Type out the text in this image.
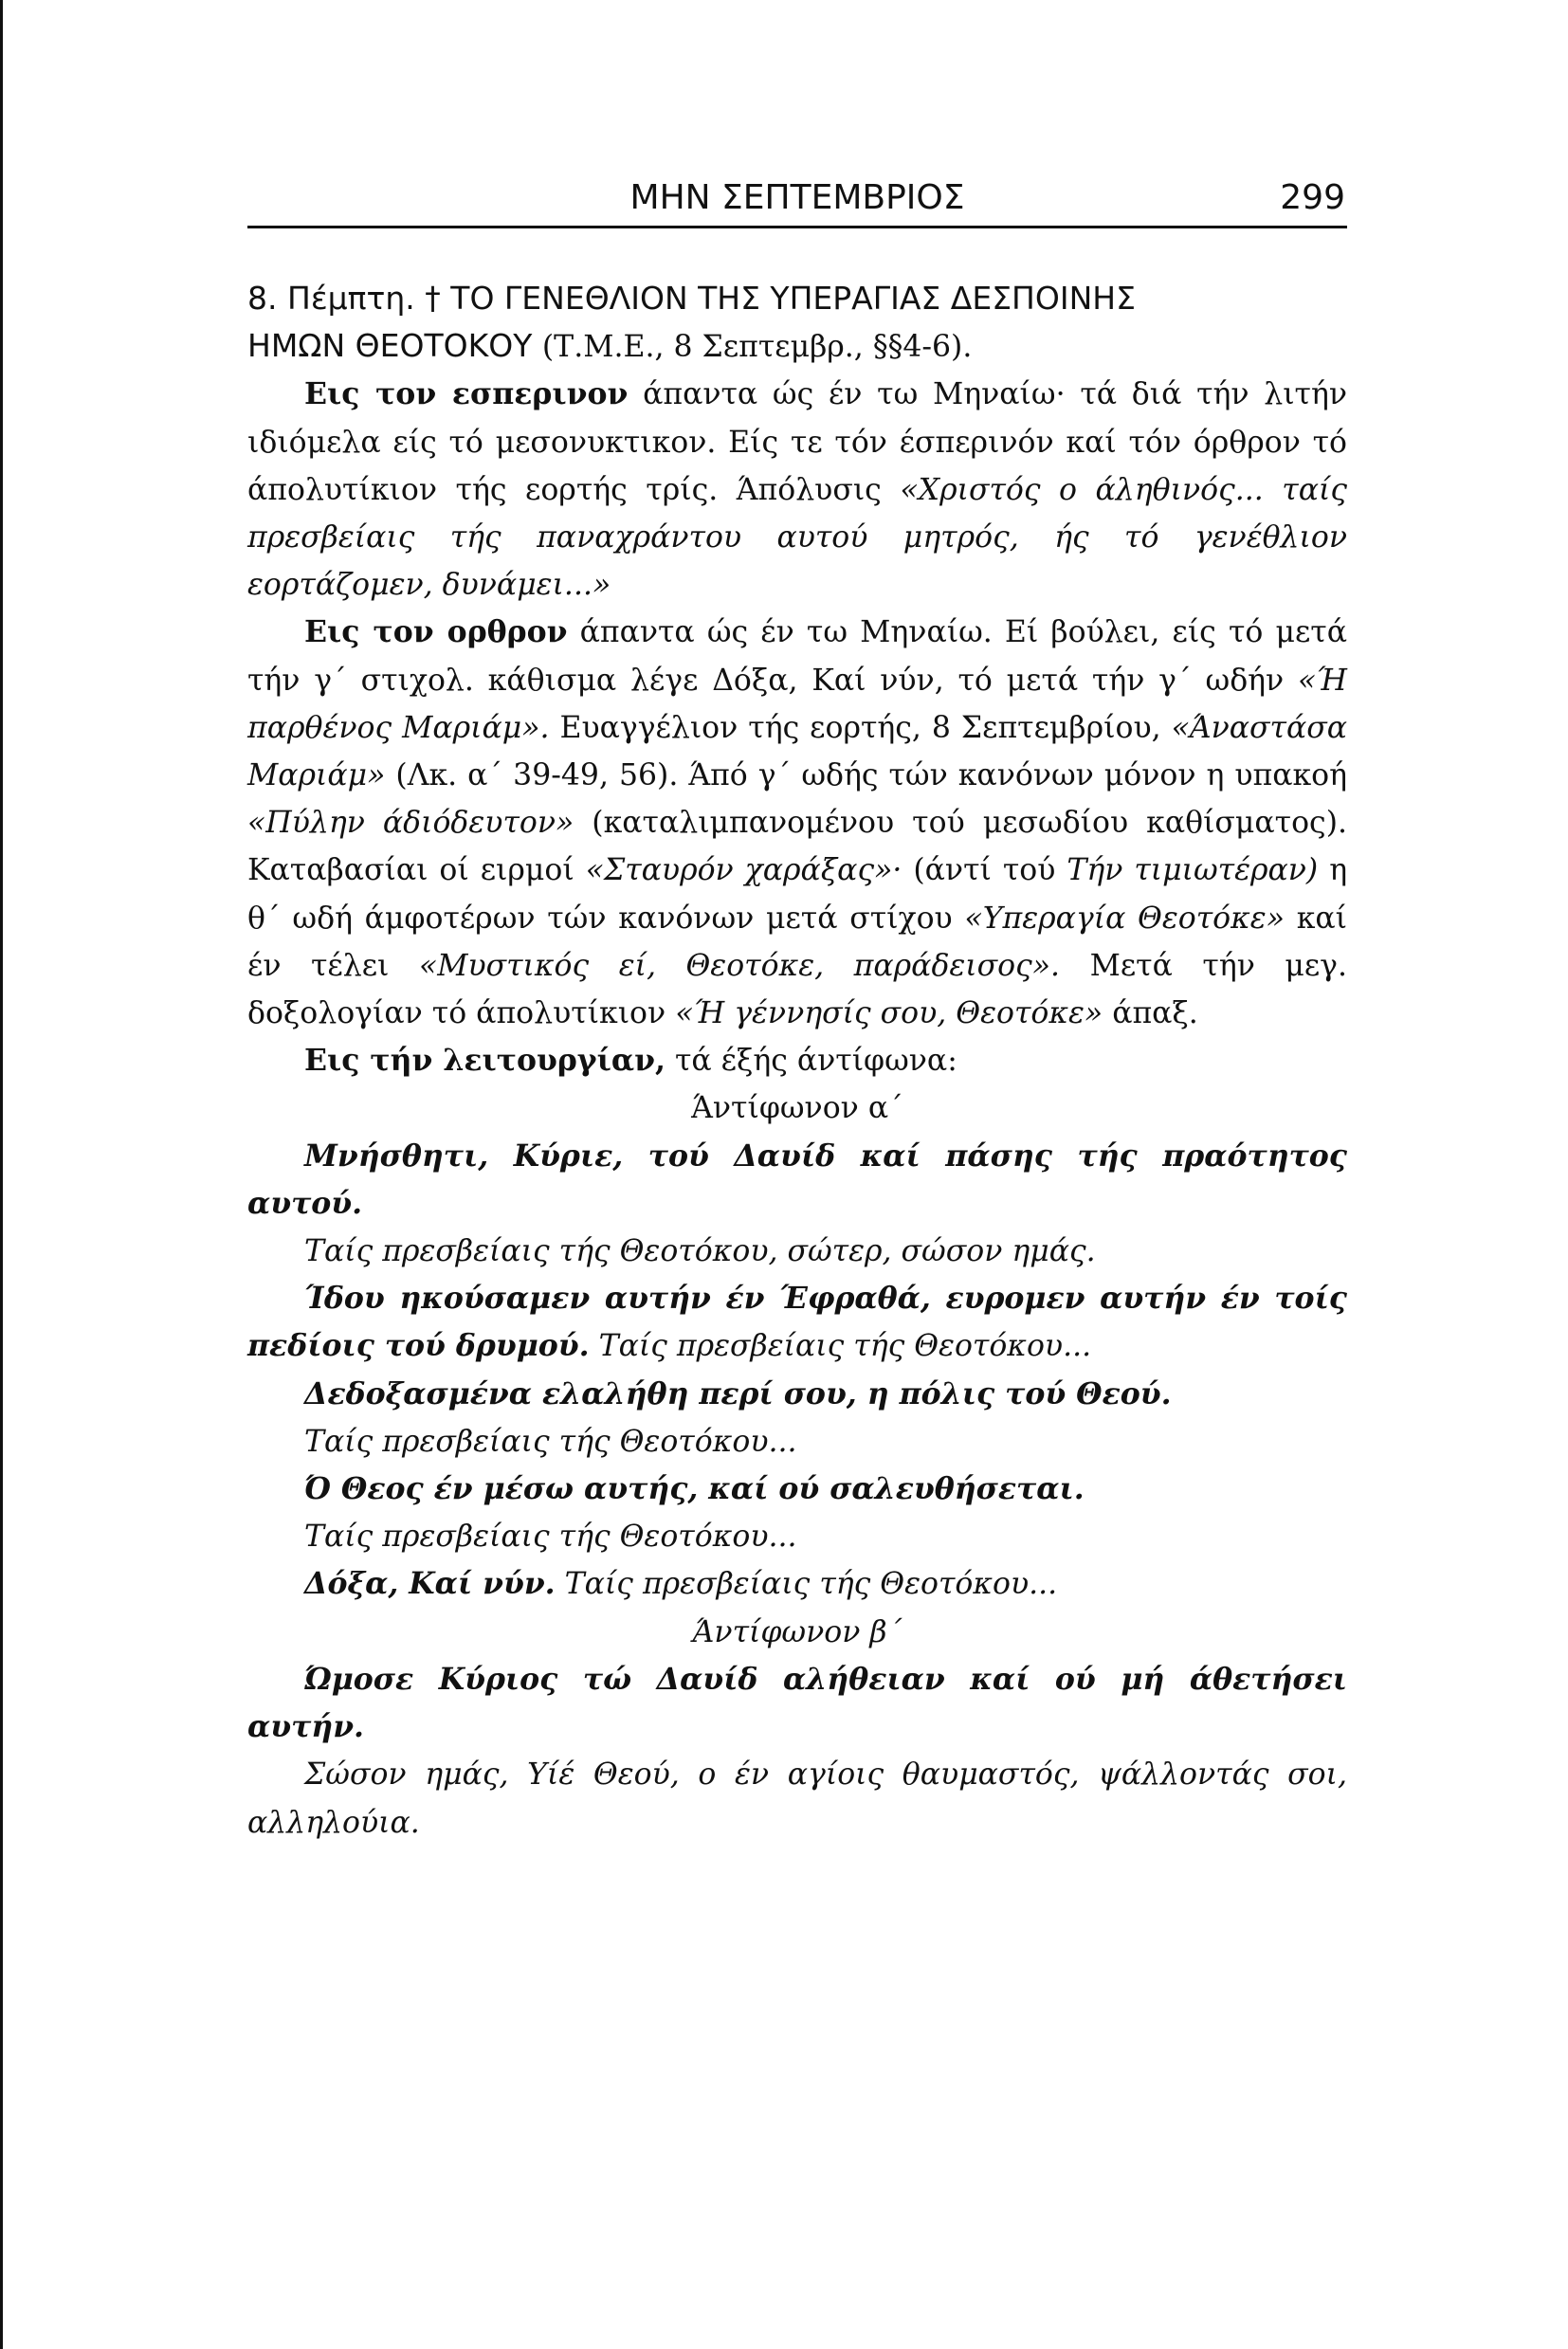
ΜΗΝ ΣΕΠΤΕΜΒΡΙΟΣ	299

8. Πέμπτη. † ΤΟ ΓΕΝΕΘΛΙΟΝ ΤΗΣ ΥΠΕΡΑΓΙΑΣ ΔΕΣΠΟΙΝΗΣ
ΗΜΩΝ ΘΕΟΤΟΚΟΥ (Τ.Μ.Ε., 8 Σεπτεμβρ., §§4-6).

Εις τον εσπερινον άπαντα ώς έν τω Μηναίω· τά διά τήν λιτήν ιδιόμελα είς τό μεσονυκτικον. Είς τε τόν έσπερινόν καί τόν όρθρον τό άπολυτίκιον τής εορτής τρίς. Άπόλυσις «Χριστός ο άληθινός... ταίς πρεσβείαις τής παναχράντου αυτού μητρός, ής τό γενέθλιον εορτάζομεν, δυνάμει...»

Εις τον ορθρον άπαντα ώς έν τω Μηναίω. Εί βούλει, είς τό μετά τήν γ΄ στιχολ. κάθισμα λέγε Δόξα, Καί νύν, τό μετά τήν γ΄ ωδήν «Ή παρθένος Μαριάμ». Ευαγγέλιον τής εορτής, 8 Σεπτεμβρίου, «Άναστάσα Μαριάμ» (Λκ. α΄ 39-49, 56). Άπό γ΄ ωδής τών κανόνων μόνον η υπακοή «Πύλην άδιόδευτον» (καταλιμπανομένου τού μεσωδίου καθίσματος). Καταβασίαι οί ειρμοί «Σταυρόν χαράξας»· (άντί τού Τήν τιμιωτέραν) η θ΄ ωδή άμφοτέρων τών κανόνων μετά στίχου «Υπεραγία Θεοτόκε» καί έν τέλει «Μυστικός εί, Θεοτόκε, παράδεισος». Μετά τήν μεγ. δοξολογίαν τό άπολυτίκιον «Ή γέννησίς σου, Θεοτόκε» άπαξ.

Εις τήν λειτουργίαν, τά έξής άντίφωνα:

Άντίφωνον α΄

Μνήσθητι, Κύριε, τού Δαυίδ καί πάσης τής πραότητος αυτού.

Ταίς πρεσβείαις τής Θεοτόκου, σώτερ, σώσον ημάς.

Ίδου ηκούσαμεν αυτήν έν Έφραθά, ευρομεν αυτήν έν τοίς πεδίοις τού δρυμού. Ταίς πρεσβείαις τής Θεοτόκου...

Δεδοξασμένα ελαλήθη περί σου, η πόλις τού Θεού.

Ταίς πρεσβείαις τής Θεοτόκου...

Ό Θεος έν μέσω αυτής, καί ού σαλευθήσεται.

Ταίς πρεσβείαις τής Θεοτόκου...

Δόξα, Καί νύν. Ταίς πρεσβείαις τής Θεοτόκου...

Άντίφωνον β΄

Ώμοσε Κύριος τώ Δαυίδ αλήθειαν καί ού μή άθετήσει αυτήν.

Σώσον ημάς, Υίέ Θεού, ο έν αγίοις θαυμαστός, ψάλλοντάς σοι, αλληλούια.
